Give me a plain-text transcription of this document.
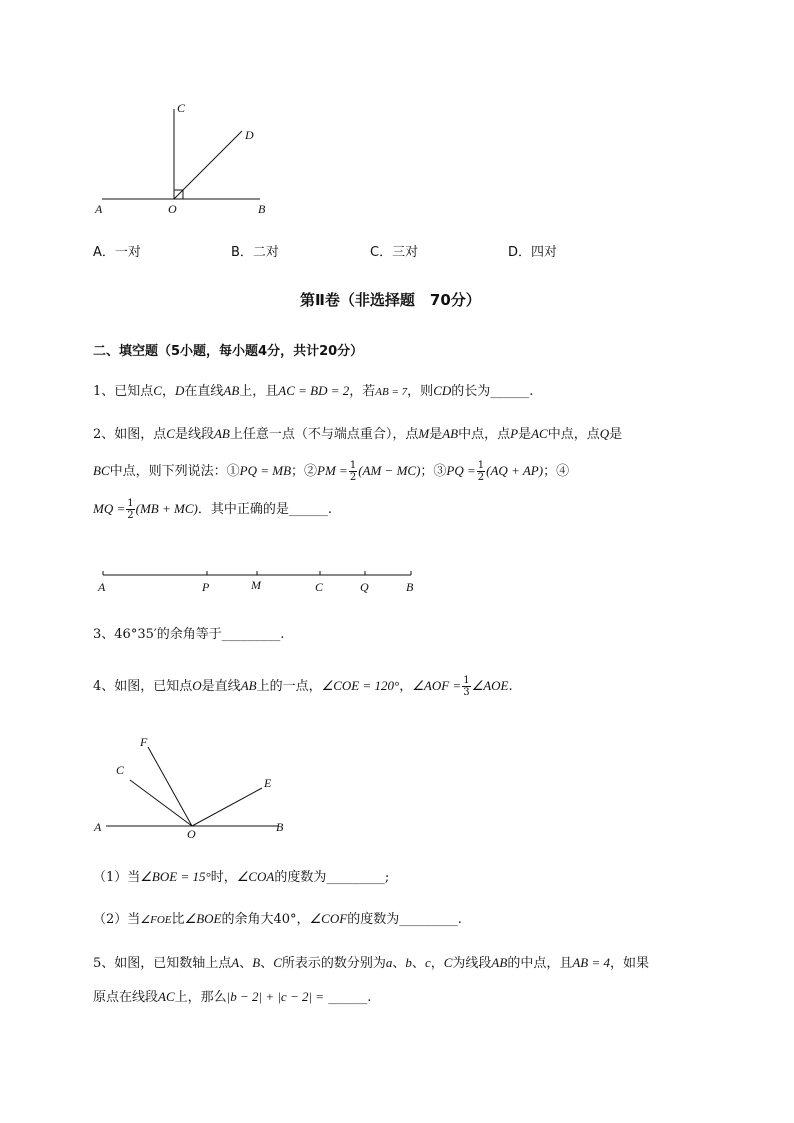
C
D
A	O	B
A．一对	B．二对	C．三对	D．四对
第Ⅱ卷（非选择题　70分）
二、填空题（5小题，每小题4分，共计20分）
1、已知点C，D在直线AB上，且AC = BD = 2，若AB = 7，则CD的长为______.
2、如图，点C是线段AB上任意一点（不与端点重合），点M是AB中点，点P是AC中点，点Q是
BC中点，则下列说法：①PQ = MB；②PM = $\frac{1}{2} (AM - MC)$；③PQ = $\frac{1}{2} (AQ + AP)$；④
MQ = $\frac{1}{2} (MB + MC)$．其中正确的是______.
A	P	M	C	Q	B
3、46°35′的余角等于_________.
4、如图，已知点O是直线AB上的一点，∠COE = 120°，∠AOF = $\frac{1}{3}$ ∠AOE.
F
C
E
A	O	B
（1）当∠BOE = 15°时，∠COA的度数为_________;
（2）当∠FOE比∠BOE的余角大40°，∠COF的度数为_________.
5、如图，已知数轴上点A、B、C所表示的数分别为a、b、c，C为线段AB的中点，且AB = 4，如果
原点在线段AC上，那么|b − 2| + |c − 2| = ______.
